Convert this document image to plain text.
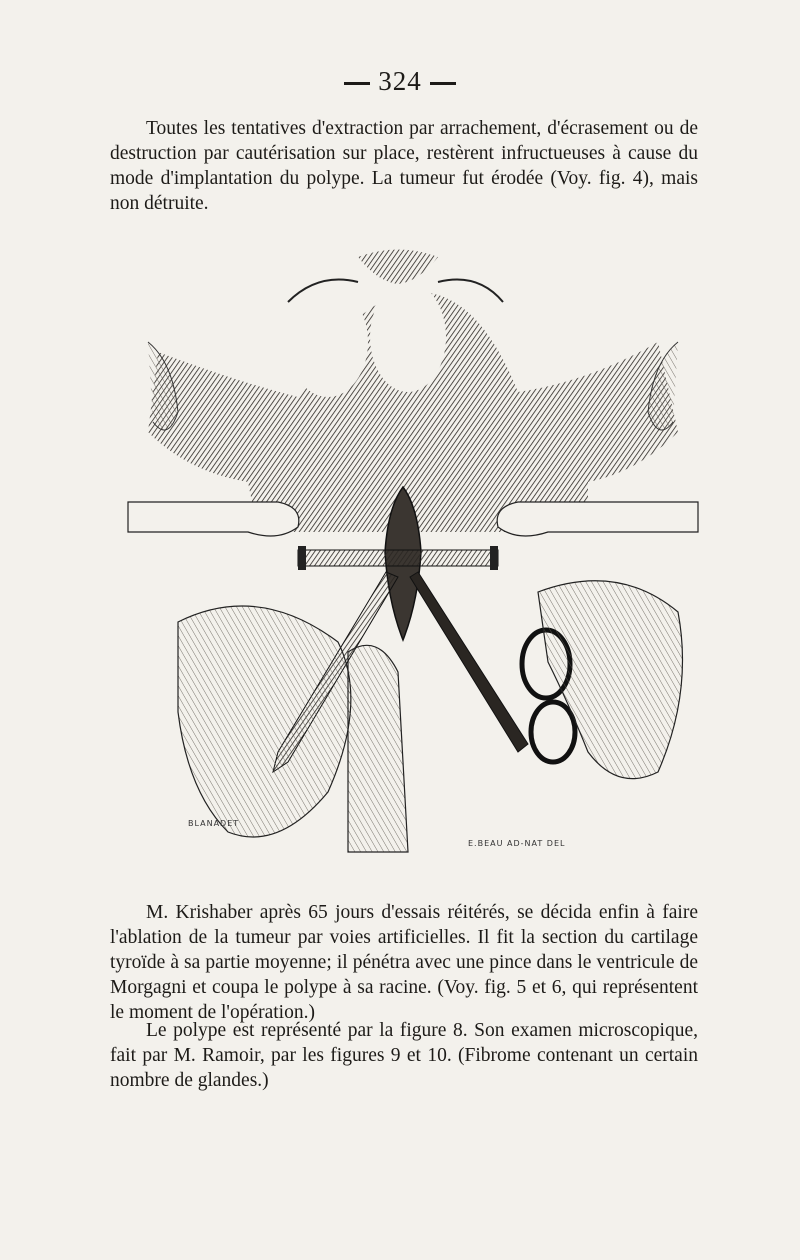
324

Toutes les tentatives d'extraction par arrachement, d'écrasement ou de destruction par cautérisation sur place, restèrent infructueuses à cause du mode d'implantation du polype. La tumeur fut érodée (Voy. fig. 4), mais non détruite.

BLANADET
E.BEAU AD-NAT DEL

M. Krishaber après 65 jours d'essais réitérés, se décida enfin à faire l'ablation de la tumeur par voies artificielles. Il fit la section du cartilage tyroïde à sa partie moyenne; il pénétra avec une pince dans le ventricule de Morgagni et coupa le polype à sa racine. (Voy. fig. 5 et 6, qui représentent le moment de l'opération.)

Le polype est représenté par la figure 8. Son examen microscopique, fait par M. Ramoir, par les figures 9 et 10. (Fibrome contenant un certain nombre de glandes.)
